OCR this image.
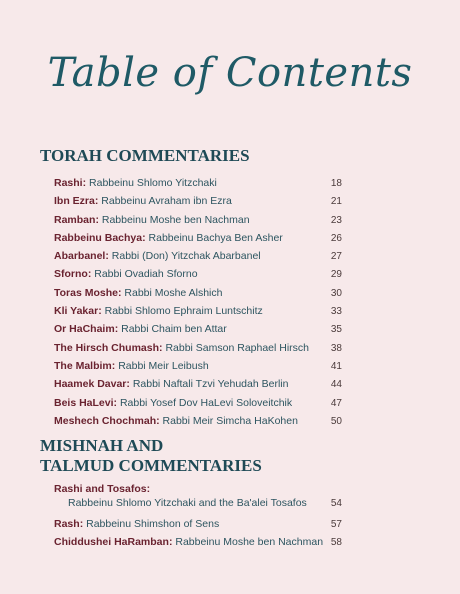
Table of Contents
TORAH COMMENTARIES
Rashi: Rabbeinu Shlomo Yitzchaki	18
Ibn Ezra: Rabbeinu Avraham ibn Ezra	21
Ramban: Rabbeinu Moshe ben Nachman	23
Rabbeinu Bachya: Rabbeinu Bachya Ben Asher	26
Abarbanel: Rabbi (Don) Yitzchak Abarbanel	27
Sforno: Rabbi Ovadiah Sforno	29
Toras Moshe: Rabbi Moshe Alshich	30
Kli Yakar: Rabbi Shlomo Ephraim Luntschitz	33
Or HaChaim: Rabbi Chaim ben Attar	35
The Hirsch Chumash: Rabbi Samson Raphael Hirsch 38
The Malbim: Rabbi Meir Leibush	41
Haamek Davar: Rabbi Naftali Tzvi Yehudah Berlin	44
Beis HaLevi: Rabbi Yosef Dov HaLevi Soloveitchik	47
Meshech Chochmah: Rabbi Meir Simcha HaKohen	50
MISHNAH AND
TALMUD COMMENTARIES
Rashi and Tosafos:
Rabbeinu Shlomo Yitzchaki and the Ba'alei Tosafos 54
Rash: Rabbeinu Shimshon of Sens	57
Chiddushei HaRamban: Rabbeinu Moshe ben Nachman 58
